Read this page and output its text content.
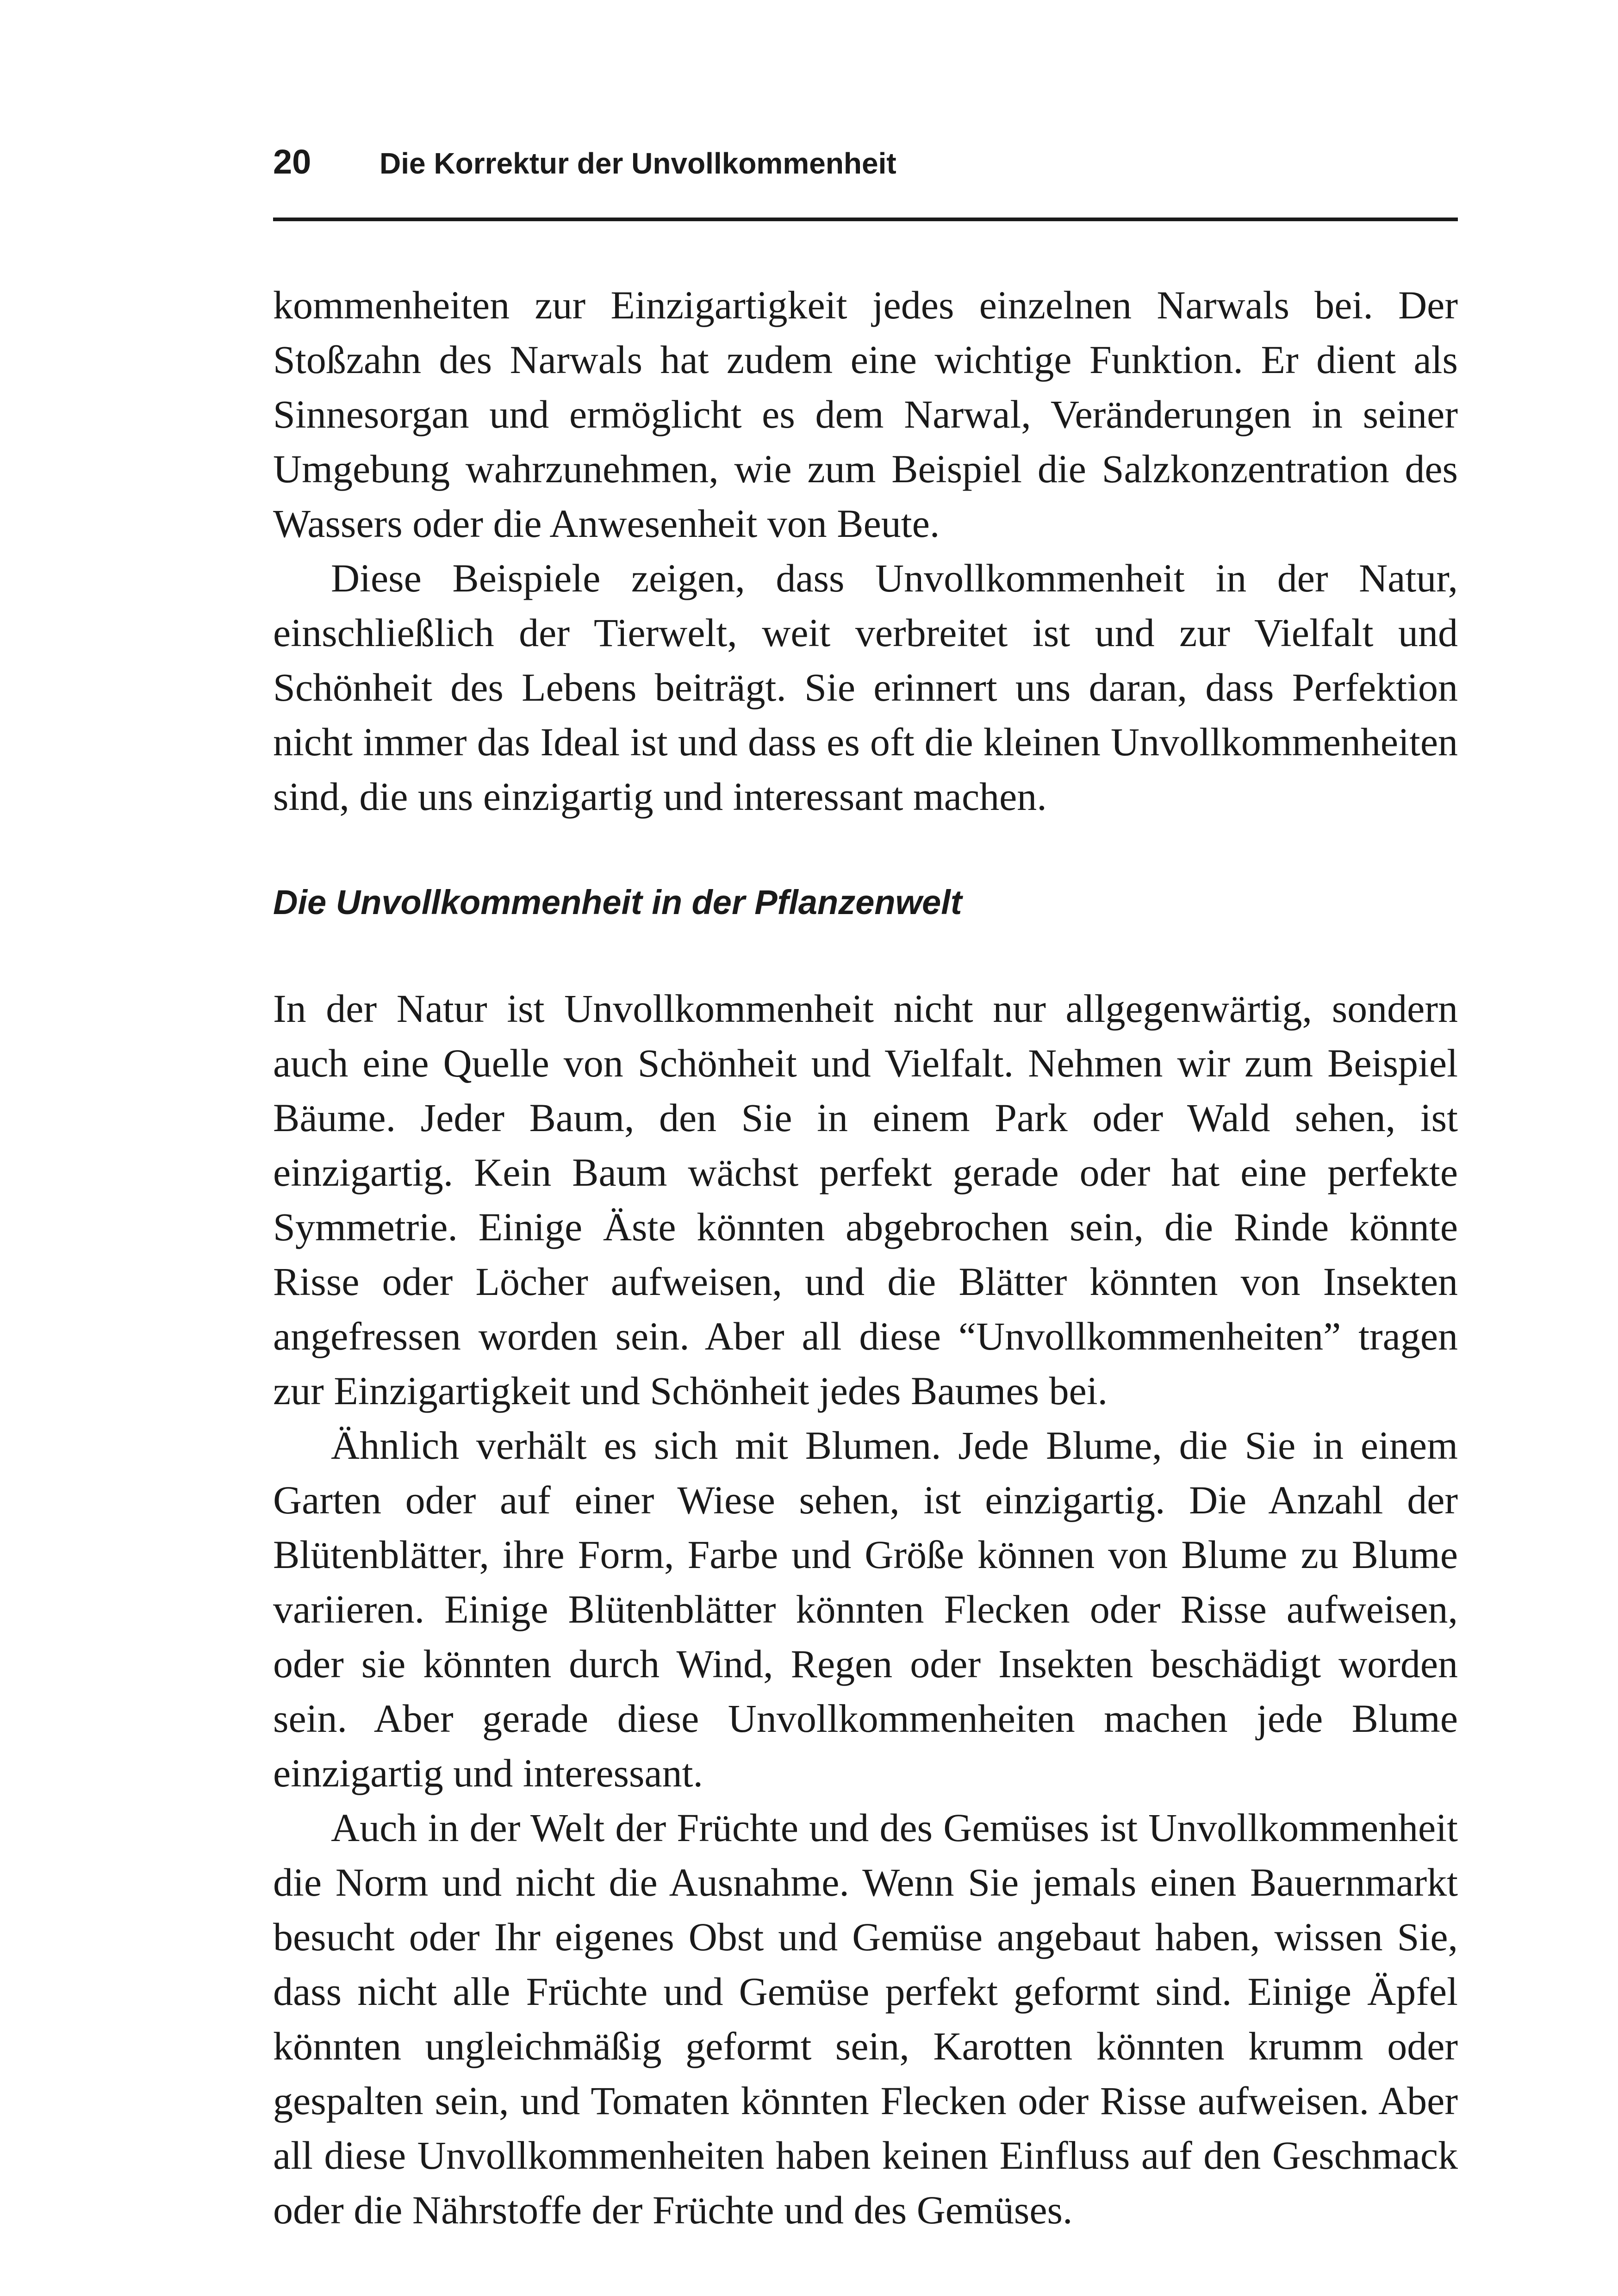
20 Die Korrektur der Unvollkommenheit

kommenheiten zur Einzigartigkeit jedes einzelnen Narwals bei. Der Stoßzahn des Narwals hat zudem eine wichtige Funktion. Er dient als Sinnesorgan und ermöglicht es dem Narwal, Veränderungen in seiner Umgebung wahrzunehmen, wie zum Beispiel die Salzkonzentration des Wassers oder die Anwesenheit von Beute.

Diese Beispiele zeigen, dass Unvollkommenheit in der Natur, einschließlich der Tierwelt, weit verbreitet ist und zur Vielfalt und Schönheit des Lebens beiträgt. Sie erinnert uns daran, dass Perfektion nicht immer das Ideal ist und dass es oft die kleinen Unvollkommenheiten sind, die uns einzigartig und interessant machen.

Die Unvollkommenheit in der Pflanzenwelt

In der Natur ist Unvollkommenheit nicht nur allgegenwärtig, sondern auch eine Quelle von Schönheit und Vielfalt. Nehmen wir zum Beispiel Bäume. Jeder Baum, den Sie in einem Park oder Wald sehen, ist einzigartig. Kein Baum wächst perfekt gerade oder hat eine perfekte Symmetrie. Einige Äste könnten abgebrochen sein, die Rinde könnte Risse oder Löcher aufweisen, und die Blätter könnten von Insekten angefressen worden sein. Aber all diese “Unvollkommenheiten” tragen zur Einzigartigkeit und Schönheit jedes Baumes bei.

Ähnlich verhält es sich mit Blumen. Jede Blume, die Sie in einem Garten oder auf einer Wiese sehen, ist einzigartig. Die Anzahl der Blütenblätter, ihre Form, Farbe und Größe können von Blume zu Blume variieren. Einige Blütenblätter könnten Flecken oder Risse aufweisen, oder sie könnten durch Wind, Regen oder Insekten beschädigt worden sein. Aber gerade diese Unvollkommenheiten machen jede Blume einzigartig und interessant.

Auch in der Welt der Früchte und des Gemüses ist Unvollkommenheit die Norm und nicht die Ausnahme. Wenn Sie jemals einen Bauernmarkt besucht oder Ihr eigenes Obst und Gemüse angebaut haben, wissen Sie, dass nicht alle Früchte und Gemüse perfekt geformt sind. Einige Äpfel könnten ungleichmäßig geformt sein, Karotten könnten krumm oder gespalten sein, und Tomaten könnten Flecken oder Risse aufweisen. Aber all diese Unvollkommenheiten haben keinen Einfluss auf den Geschmack oder die Nährstoffe der Früchte und des Gemüses.
